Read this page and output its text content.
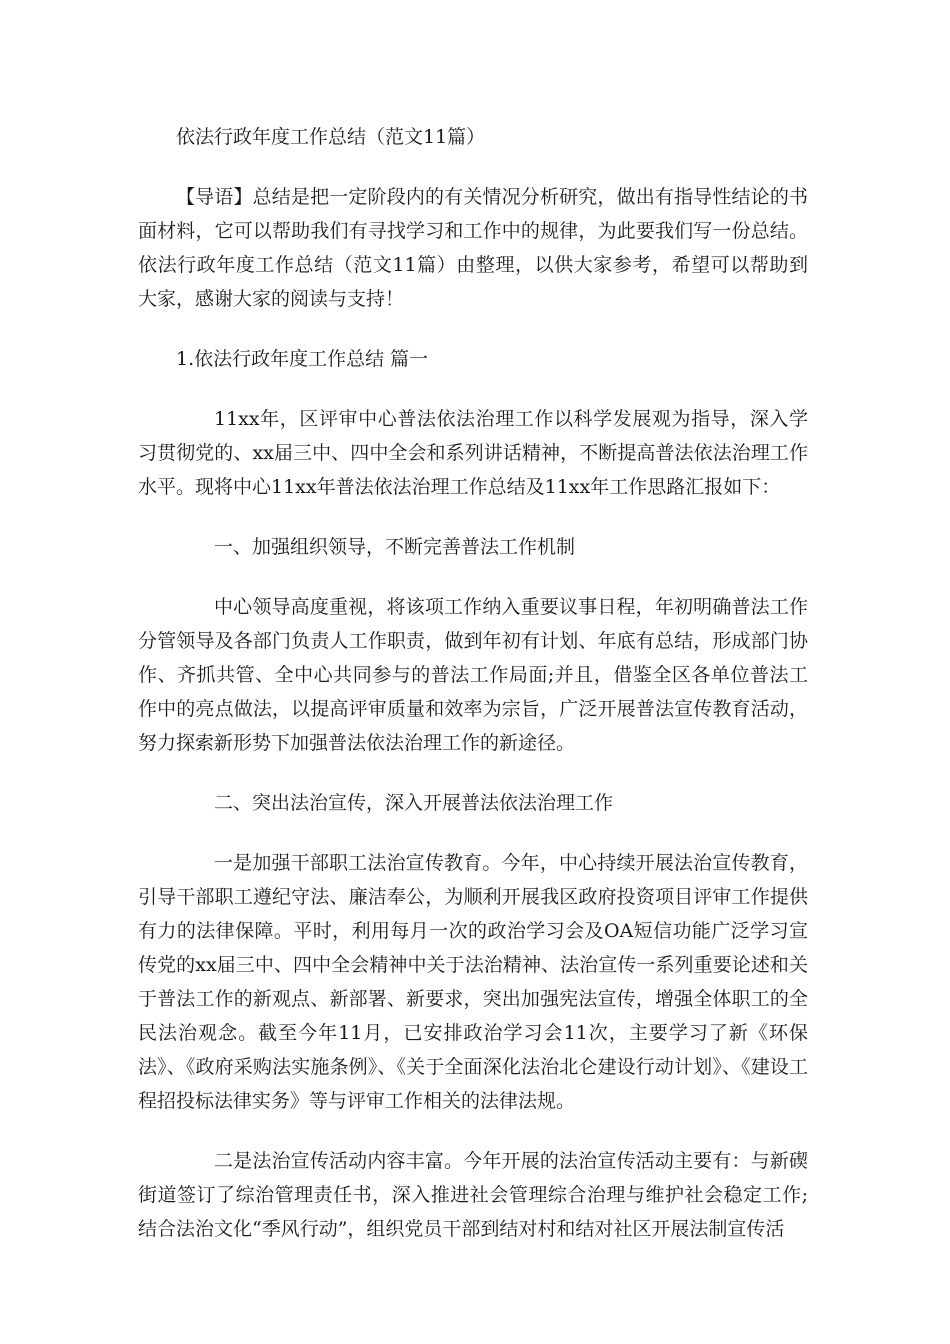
依法行政年度工作总结（范文11篇）

【导语】总结是把一定阶段内的有关情况分析研究，做出有指导性结论的书面材料，它可以帮助我们有寻找学习和工作中的规律，为此要我们写一份总结。依法行政年度工作总结（范文11篇）由整理，以供大家参考，希望可以帮助到大家，感谢大家的阅读与支持！

1.依法行政年度工作总结 篇一

11xx年，区评审中心普法依法治理工作以科学发展观为指导，深入学习贯彻党的、xx届三中、四中全会和系列讲话精神，不断提高普法依法治理工作水平。现将中心11xx年普法依法治理工作总结及11xx年工作思路汇报如下：

一、加强组织领导，不断完善普法工作机制

中心领导高度重视，将该项工作纳入重要议事日程，年初明确普法工作分管领导及各部门负责人工作职责，做到年初有计划、年底有总结，形成部门协作、齐抓共管、全中心共同参与的普法工作局面;并且，借鉴全区各单位普法工作中的亮点做法，以提高评审质量和效率为宗旨，广泛开展普法宣传教育活动，努力探索新形势下加强普法依法治理工作的新途径。

二、突出法治宣传，深入开展普法依法治理工作

一是加强干部职工法治宣传教育。今年，中心持续开展法治宣传教育，引导干部职工遵纪守法、廉洁奉公，为顺利开展我区政府投资项目评审工作提供有力的法律保障。平时，利用每月一次的政治学习会及OA短信功能广泛学习宣传党的xx届三中、四中全会精神中关于法治精神、法治宣传一系列重要论述和关于普法工作的新观点、新部署、新要求，突出加强宪法宣传，增强全体职工的全民法治观念。截至今年11月，已安排政治学习会11次，主要学习了新《环保法》、《政府采购法实施条例》、《关于全面深化法治北仑建设行动计划》、《建设工程招投标法律实务》等与评审工作相关的法律法规。

二是法治宣传活动内容丰富。今年开展的法治宣传活动主要有：与新碶街道签订了综治管理责任书，深入推进社会管理综合治理与维护社会稳定工作;结合法治文化“季风行动”，组织党员干部到结对村和结对社区开展法制宣传活
